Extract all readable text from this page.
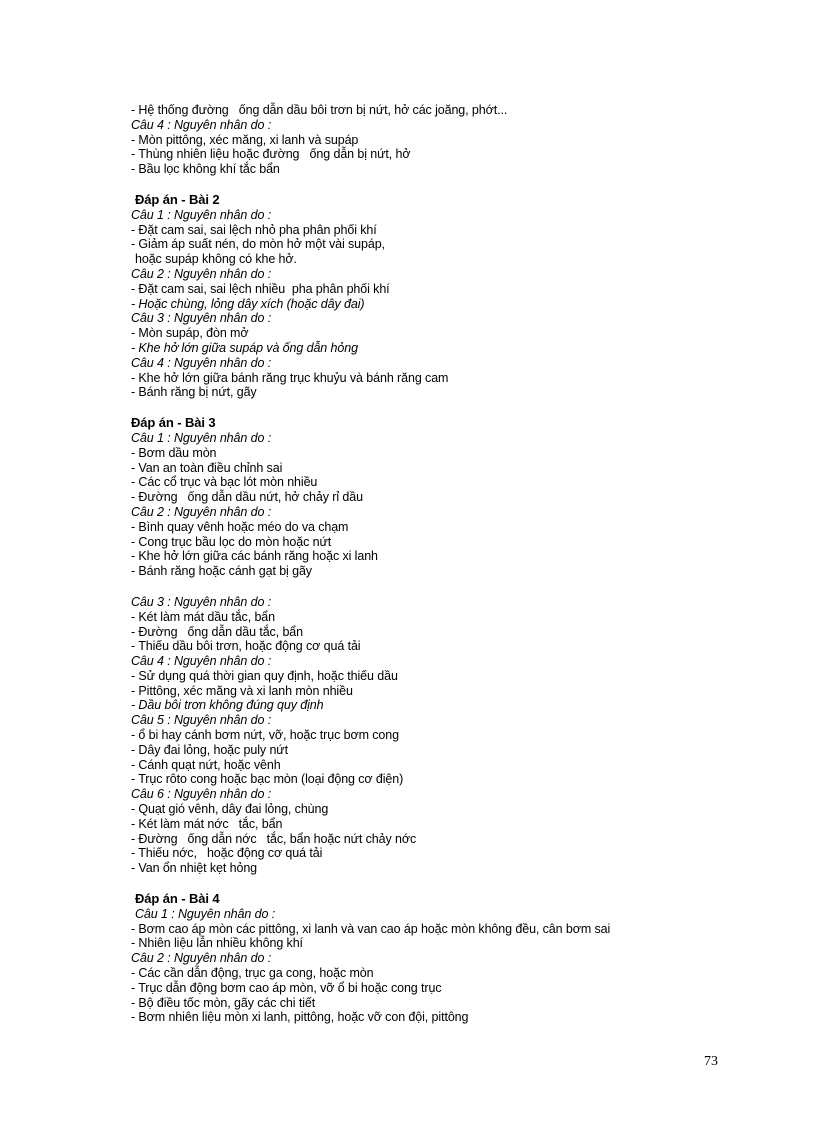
- Hệ thống đường   ống dẫn dầu bôi trơn bị nứt, hở các joăng, phớt...
Câu 4 : Nguyên nhân do :
- Mòn pittông, xéc măng, xi lanh và supáp
- Thùng nhiên liệu hoặc đường   ống dẫn bị nứt, hở
- Bầu lọc không khí tắc bẩn
Đáp án - Bài 2
Câu 1 : Nguyên nhân do :
- Đặt cam sai, sai lệch nhỏ pha phân phối khí
- Giảm áp suất nén, do mòn hở một vài supáp,
hoặc supáp không có khe hở.
Câu 2 : Nguyên nhân do :
- Đặt cam sai, sai lệch nhiều  pha phân phối khí
- Hoặc chùng, lỏng dây xích (hoặc dây đai)
Câu 3 : Nguyên nhân do :
- Mòn supáp, đòn mở
- Khe hở lớn giữa supáp và ống dẫn hỏng
Câu 4 : Nguyên nhân do :
- Khe hở lớn giữa bánh răng trục khuỷu và bánh răng cam
- Bánh răng bị nứt, gãy
Đáp án - Bài 3
Câu 1 : Nguyên nhân do :
- Bơm dầu mòn
- Van an toàn điều chỉnh sai
- Các cổ trục và bạc lót mòn nhiều
- Đường   ống dẫn dầu nứt, hở chảy rỉ dầu
Câu 2 : Nguyên nhân do :
- Bình quay vênh hoặc méo do va chạm
- Cong trục bầu lọc do mòn hoặc nứt
- Khe hở lớn giữa các bánh răng hoặc xi lanh
- Bánh răng hoặc cánh gạt bị gãy
Câu 3 : Nguyên nhân do :
- Két làm mát dầu tắc, bẩn
- Đường   ống dẫn dầu tắc, bẩn
- Thiếu dầu bôi trơn, hoặc động cơ quá tải
Câu 4 : Nguyên nhân do :
- Sử dụng quá thời gian quy định, hoặc thiếu dầu
- Pittông, xéc măng và xi lanh mòn nhiều
- Dầu bôi trơn không đúng quy định
Câu 5 : Nguyên nhân do :
- ổ bi hay cánh bơm nứt, vỡ, hoặc trục bơm cong
- Dây đai lỏng, hoặc puly nứt
- Cánh quạt nứt, hoặc vênh
- Trục rôto cong hoặc bạc mòn (loại động cơ điện)
Câu 6 : Nguyên nhân do :
- Quạt gió vênh, dây đai lỏng, chùng
- Két làm mát nớc   tắc, bẩn
- Đường   ống dẫn nớc   tắc, bẩn hoặc nứt chảy nớc
- Thiếu nớc,   hoặc động cơ quá tải
- Van ổn nhiệt kẹt hỏng
Đáp án - Bài 4
Câu 1 : Nguyên nhân do :
- Bơm cao áp mòn các pittông, xi lanh và van cao áp hoặc mòn không đều, cân bơm sai
- Nhiên liệu lẫn nhiều không khí
Câu 2 : Nguyên nhân do :
- Các cần dẫn động, trục ga cong, hoặc mòn
- Trục dẫn động bơm cao áp mòn, vỡ ổ bi hoặc cong trục
- Bộ điều tốc mòn, gãy các chi tiết
- Bơm nhiên liệu mòn xi lanh, pittông, hoặc vỡ con đội, pittông
73
